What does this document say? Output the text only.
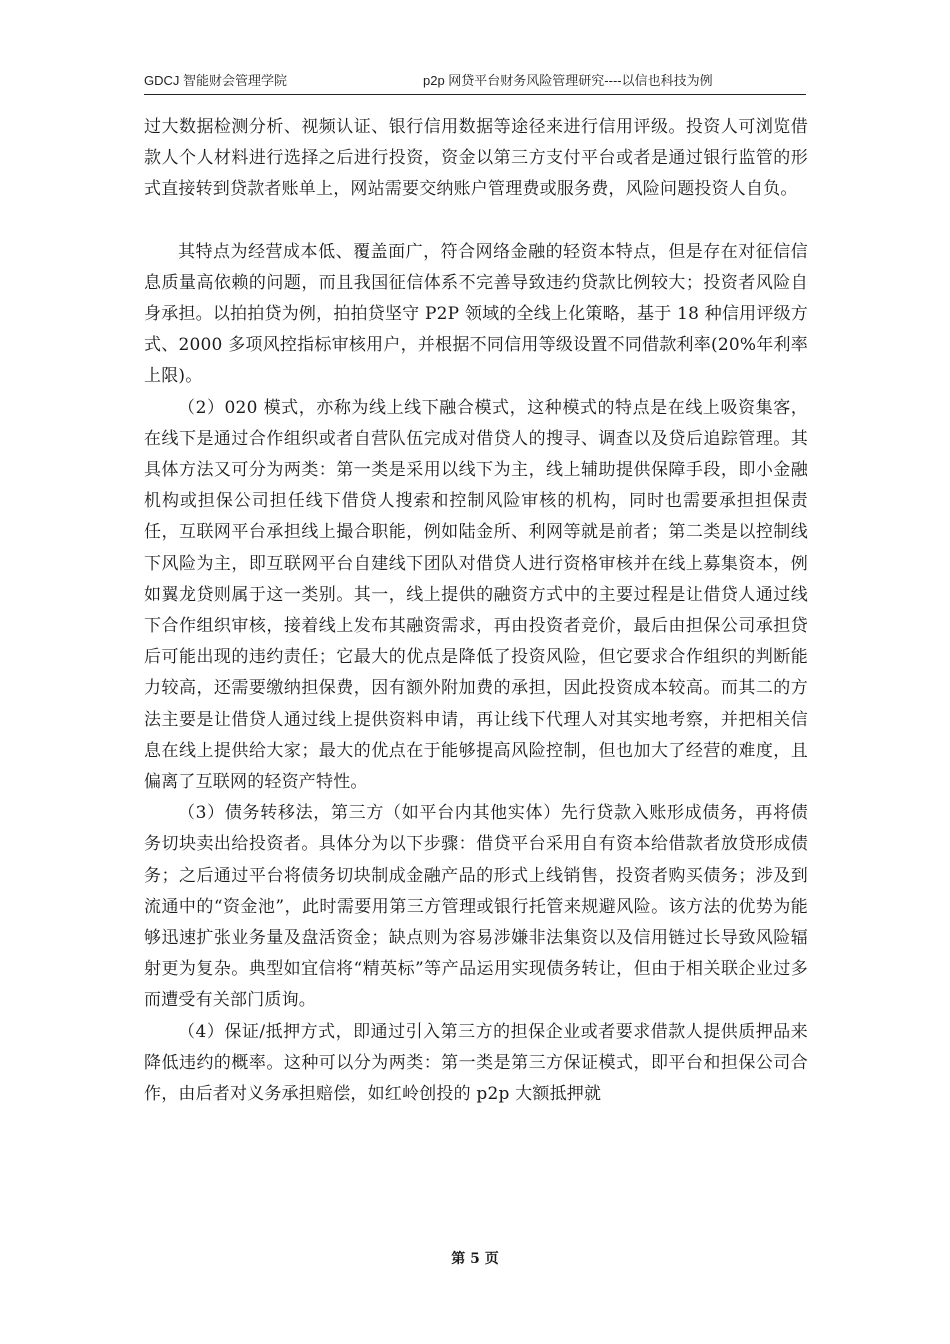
GDCJ 智能财会管理学院	p2p 网贷平台财务风险管理研究----以信也科技为例

过大数据检测分析、视频认证、银行信用数据等途径来进行信用评级。投资人可浏览借款人个人材料进行选择之后进行投资，资金以第三方支付平台或者是通过银行监管的形式直接转到贷款者账单上，网站需要交纳账户管理费或服务费，风险问题投资人自负。

其特点为经营成本低、覆盖面广，符合网络金融的轻资本特点，但是存在对征信信息质量高依赖的问题，而且我国征信体系不完善导致违约贷款比例较大；投资者风险自身承担。以拍拍贷为例，拍拍贷坚守 P2P 领域的全线上化策略，基于 18 种信用评级方式、2000 多项风控指标审核用户，并根据不同信用等级设置不同借款利率(20%年利率上限)。

（2）020 模式，亦称为线上线下融合模式，这种模式的特点是在线上吸资集客，在线下是通过合作组织或者自营队伍完成对借贷人的搜寻、调查以及贷后追踪管理。其具体方法又可分为两类：第一类是采用以线下为主，线上辅助提供保障手段，即小金融机构或担保公司担任线下借贷人搜索和控制风险审核的机构，同时也需要承担担保责任，互联网平台承担线上撮合职能，例如陆金所、利网等就是前者；第二类是以控制线下风险为主，即互联网平台自建线下团队对借贷人进行资格审核并在线上募集资本，例如翼龙贷则属于这一类别。其一，线上提供的融资方式中的主要过程是让借贷人通过线下合作组织审核，接着线上发布其融资需求，再由投资者竞价，最后由担保公司承担贷后可能出现的违约责任；它最大的优点是降低了投资风险，但它要求合作组织的判断能力较高，还需要缴纳担保费，因有额外附加费的承担，因此投资成本较高。而其二的方法主要是让借贷人通过线上提供资料申请，再让线下代理人对其实地考察，并把相关信息在线上提供给大家；最大的优点在于能够提高风险控制，但也加大了经营的难度，且偏离了互联网的轻资产特性。

（3）债务转移法，第三方（如平台内其他实体）先行贷款入账形成债务，再将债务切块卖出给投资者。具体分为以下步骤：借贷平台采用自有资本给借款者放贷形成债务；之后通过平台将债务切块制成金融产品的形式上线销售，投资者购买债务；涉及到流通中的“资金池”，此时需要用第三方管理或银行托管来规避风险。该方法的优势为能够迅速扩张业务量及盘活资金；缺点则为容易涉嫌非法集资以及信用链过长导致风险辐射更为复杂。典型如宜信将“精英标”等产品运用实现债务转让，但由于相关联企业过多而遭受有关部门质询。

（4）保证/抵押方式，即通过引入第三方的担保企业或者要求借款人提供质押品来降低违约的概率。这种可以分为两类：第一类是第三方保证模式，即平台和担保公司合作，由后者对义务承担赔偿，如红岭创投的 p2p 大额抵押就

第 5 页
